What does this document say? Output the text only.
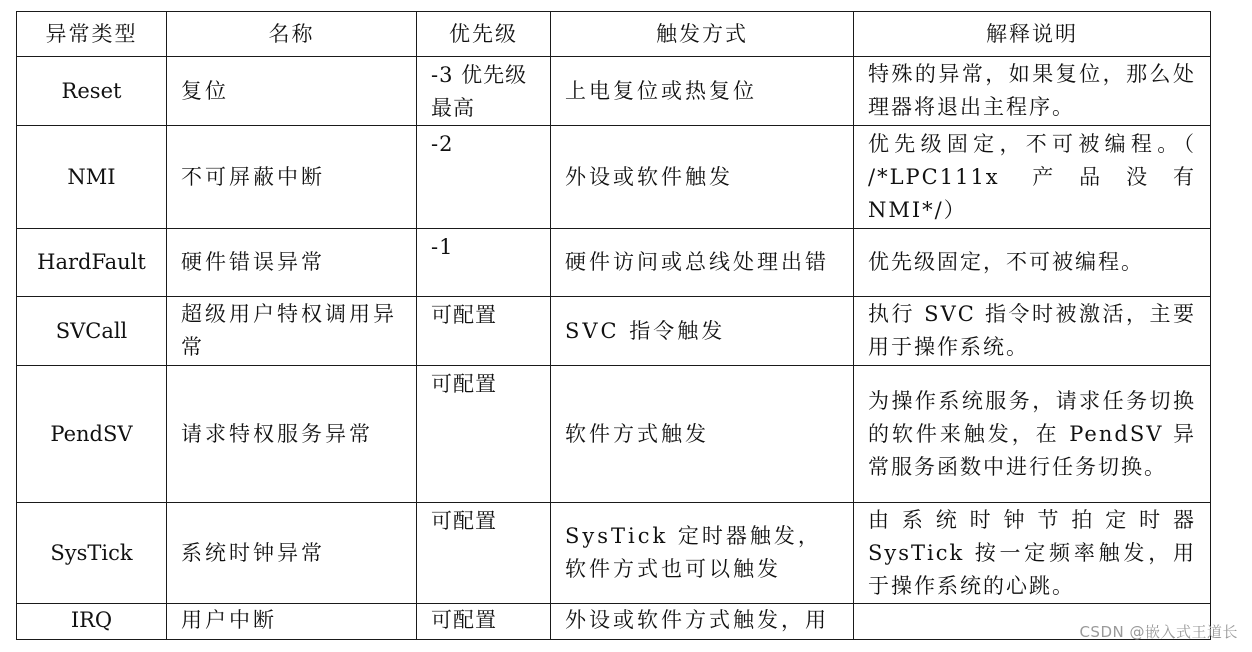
异常类型	名称	优先级	触发方式	解释说明
Reset	复位	-3 优先级最高	上电复位或热复位	特殊的异常，如果复位，那么处理器将退出主程序。
NMI	不可屏蔽中断	-2	外设或软件触发	优先级固定，不可被编程。（ /*LPC111x 产品没有 NMI*/）
HardFault	硬件错误异常	-1	硬件访问或总线处理出错	优先级固定，不可被编程。
SVCall	超级用户特权调用异常	可配置	SVC 指令触发	执行 SVC 指令时被激活，主要用于操作系统。
PendSV	请求特权服务异常	可配置	软件方式触发	为操作系统服务，请求任务切换的软件来触发，在 PendSV 异常服务函数中进行任务切换。
SysTick	系统时钟异常	可配置	SysTick 定时器触发，软件方式也可以触发	由系统时钟节拍定时器 SysTick 按一定频率触发，用于操作系统的心跳。
IRQ	用户中断	可配置	外设或软件方式触发，用		CSDN @嵌入式王道长
